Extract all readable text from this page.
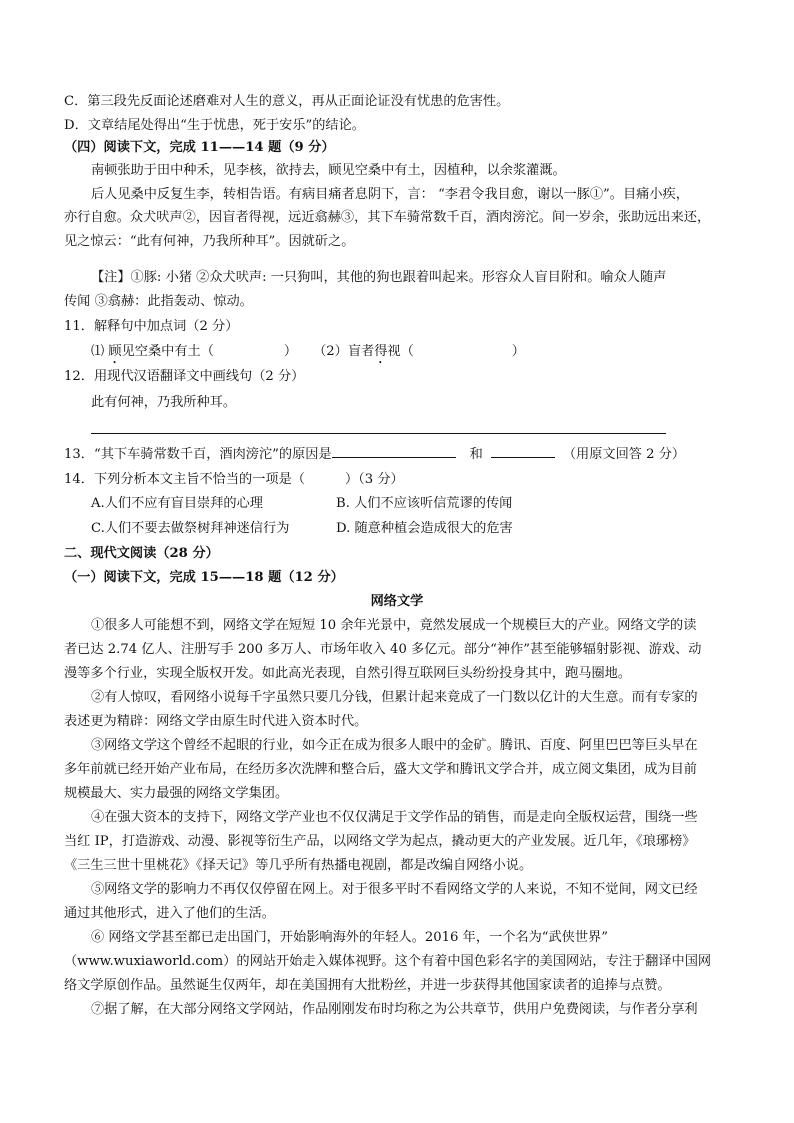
C．第三段先反面论述磨难对人生的意义，再从正面论证没有忧患的危害性。
D．文章结尾处得出“生于忧患，死于安乐”的结论。
（四）阅读下文，完成 11——14 题（9 分）
南顿张助于田中种禾，见李核，欲持去，顾见空桑中有土，因植种，以余浆灌溉。
后人见桑中反复生李，转相告语。有病目痛者息阴下，言： “李君令我目愈，谢以一豚①”。目痛小疾，
亦行自愈。众犬吠声②，因盲者得视，远近翕赫③，其下车骑常数千百，酒肉滂沱。间一岁余，张助远出来还，
见之惊云：“此有何神，乃我所种耳”。因就斫之。
【注】①豚: 小猪 ②众犬吠声: 一只狗叫，其他的狗也跟着叫起来。形容众人盲目附和。喻众人随声
传闻 ③翕赫：此指轰动、惊动。
11．解释句中加点词（2 分）
⑴ 顾见空桑中有土（	） （2）盲者得视（	）
12．用现代汉语翻译文中画线句（2 分）
此有何神，乃我所种耳。
13．“其下车骑常数千百，酒肉滂沱”的原因是	和	（用原文回答 2 分）
14．下列分析本文主旨不恰当的一项是（	）（3 分）
A.人们不应有盲目崇拜的心理	B. 人们不应该听信荒谬的传闻
C.人们不要去做祭树拜神迷信行为	D. 随意种植会造成很大的危害
二、现代文阅读（28 分）
（一）阅读下文，完成 15——18 题（12 分）
网络文学
①很多人可能想不到，网络文学在短短 10 余年光景中，竟然发展成一个规模巨大的产业。网络文学的读
者已达 2.74 亿人、注册写手 200 多万人、市场年收入 40 多亿元。部分“神作”甚至能够辐射影视、游戏、动
漫等多个行业，实现全版权开发。如此高光表现，自然引得互联网巨头纷纷投身其中，跑马圈地。
②有人惊叹，看网络小说每千字虽然只要几分钱，但累计起来竟成了一门数以亿计的大生意。而有专家的
表述更为精辟：网络文学由原生时代进入资本时代。
③网络文学这个曾经不起眼的行业，如今正在成为很多人眼中的金矿。腾讯、百度、阿里巴巴等巨头早在
多年前就已经开始产业布局，在经历多次洗牌和整合后，盛大文学和腾讯文学合并，成立阅文集团，成为目前
规模最大、实力最强的网络文学集团。
④在强大资本的支持下，网络文学产业也不仅仅满足于文学作品的销售，而是走向全版权运营，围绕一些
当红 IP，打造游戏、动漫、影视等衍生产品，以网络文学为起点，撬动更大的产业发展。近几年，《琅琊榜》
《三生三世十里桃花》《择天记》等几乎所有热播电视剧，都是改编自网络小说。
⑤网络文学的影响力不再仅仅停留在网上。对于很多平时不看网络文学的人来说，不知不觉间，网文已经
通过其他形式，进入了他们的生活。
⑥ 网络文学甚至都已走出国门，开始影响海外的年轻人。2016 年，一个名为“武侠世界”
（www.wuxiaworld.com）的网站开始走入媒体视野。这个有着中国色彩名字的美国网站，专注于翻译中国网
络文学原创作品。虽然诞生仅两年，却在美国拥有大批粉丝，并进一步获得其他国家读者的追捧与点赞。
⑦据了解，在大部分网络文学网站，作品刚刚发布时均称之为公共章节，供用户免费阅读，与作者分享利
